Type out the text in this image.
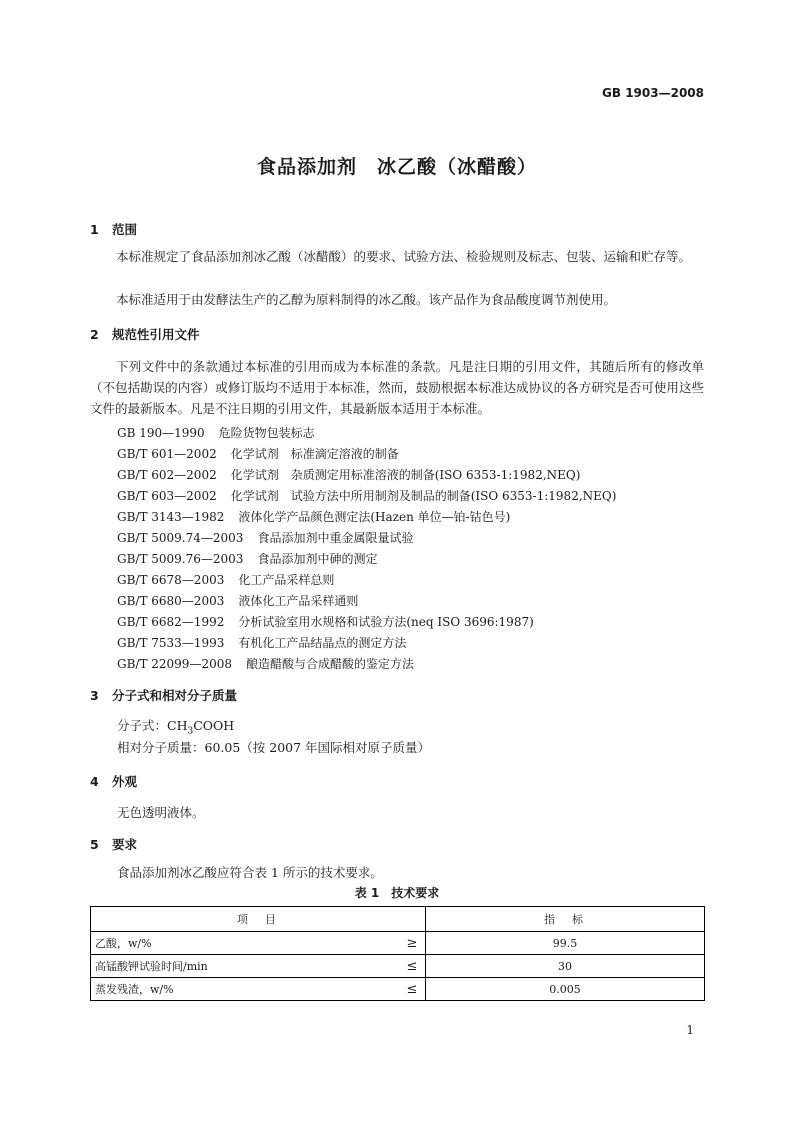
GB 1903—2008
食品添加剂　冰乙酸（冰醋酸）
1 范围
本标准规定了食品添加剂冰乙酸（冰醋酸）的要求、试验方法、检验规则及标志、包装、运输和贮存等。
本标准适用于由发酵法生产的乙醇为原料制得的冰乙酸。该产品作为食品酸度调节剂使用。
2 规范性引用文件
下列文件中的条款通过本标准的引用而成为本标准的条款。凡是注日期的引用文件，其随后所有的修改单（不包括勘误的内容）或修订版均不适用于本标准，然而，鼓励根据本标准达成协议的各方研究是否可使用这些文件的最新版本。凡是不注日期的引用文件，其最新版本适用于本标准。
GB 190—1990 危险货物包装标志
GB/T 601—2002 化学试剂　标准滴定溶液的制备
GB/T 602—2002 化学试剂　杂质测定用标准溶液的制备(ISO 6353-1:1982,NEQ)
GB/T 603—2002 化学试剂　试验方法中所用制剂及制品的制备(ISO 6353-1:1982,NEQ)
GB/T 3143—1982 液体化学产品颜色测定法(Hazen 单位—铂-钴色号)
GB/T 5009.74—2003 食品添加剂中重金属限量试验
GB/T 5009.76—2003 食品添加剂中砷的测定
GB/T 6678—2003 化工产品采样总则
GB/T 6680—2003 液体化工产品采样通则
GB/T 6682—1992 分析试验室用水规格和试验方法(neq ISO 3696:1987)
GB/T 7533—1993 有机化工产品结晶点的测定方法
GB/T 22099—2008 酿造醋酸与合成醋酸的鉴定方法
3 分子式和相对分子质量
分子式：$CH_3COOH$
相对分子质量：60.05（按 2007 年国际相对原子质量）
4 外观
无色透明液体。
5 要求
食品添加剂冰乙酸应符合表 1 所示的技术要求。
表 1　技术要求
项　目		指　标
乙酸，w/%	≥	99.5
高锰酸钾试验时间/min	≤	30
蒸发残渣，w/%	≤	0.005
1
